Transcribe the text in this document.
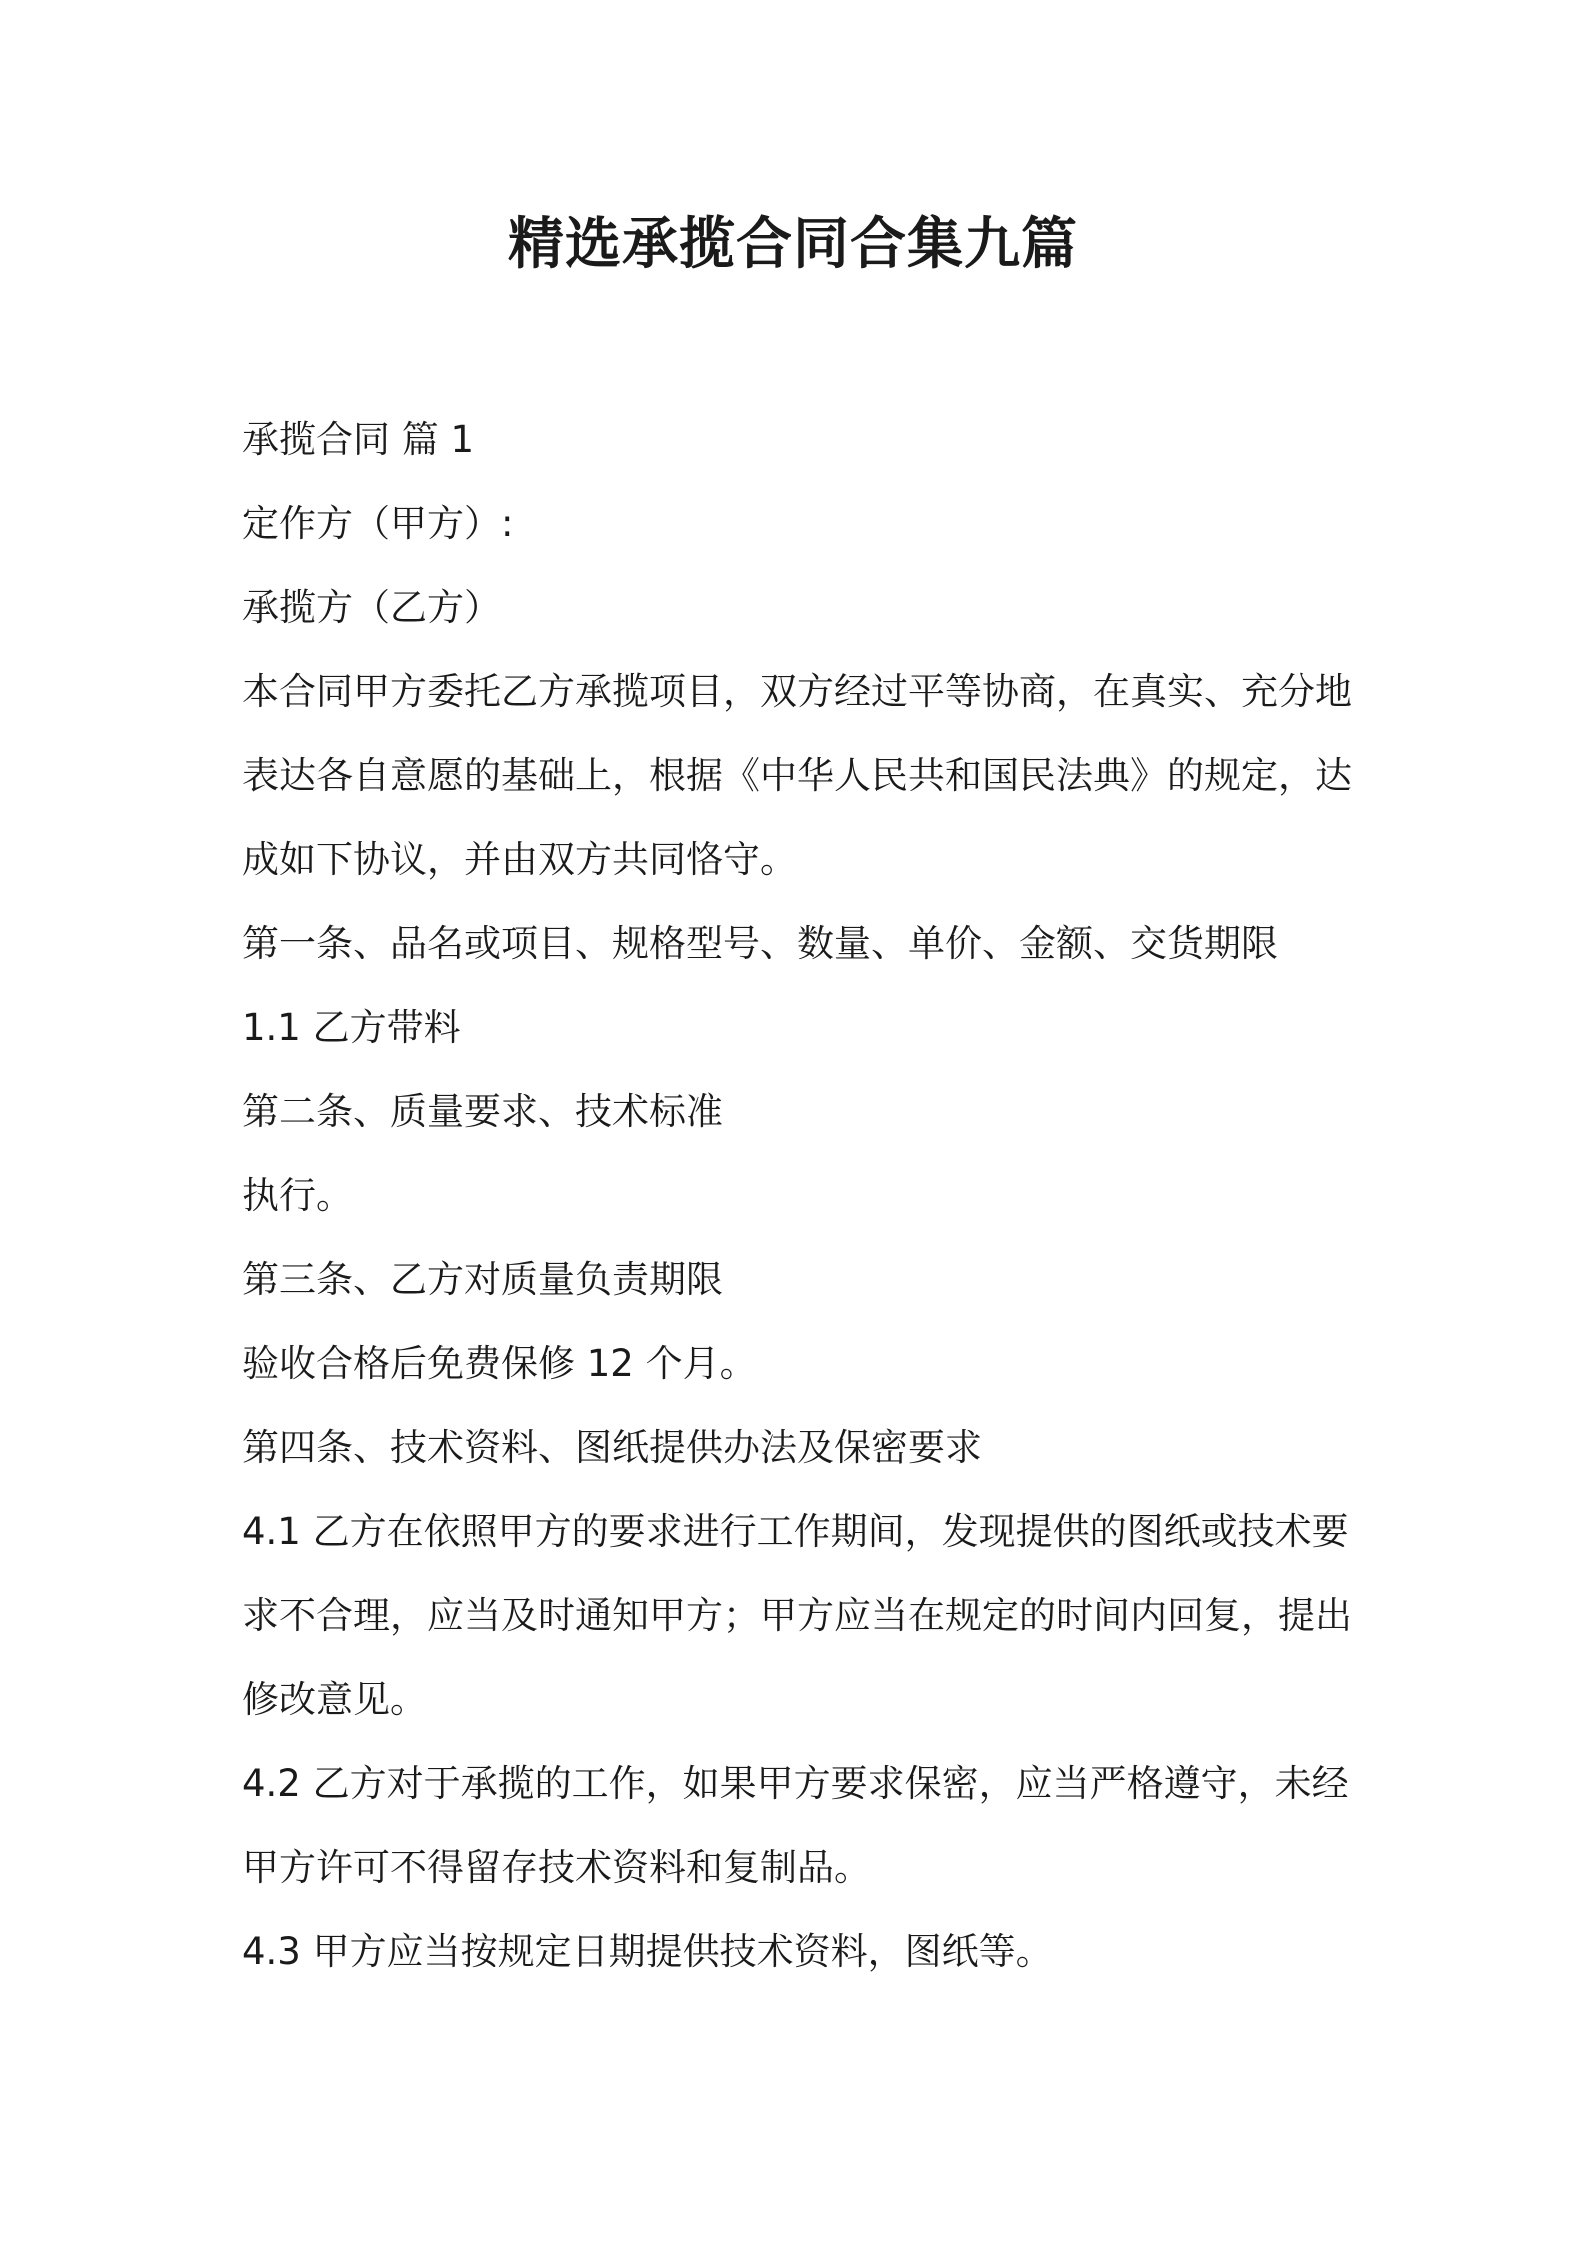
精选承揽合同合集九篇

承揽合同 篇 1

定作方（甲方）:

承揽方（乙方）

本合同甲方委托乙方承揽项目，双方经过平等协商，在真实、充分地

表达各自意愿的基础上，根据《中华人民共和国民法典》的规定，达

成如下协议，并由双方共同恪守。

第一条、品名或项目、规格型号、数量、单价、金额、交货期限

1.1 乙方带料

第二条、质量要求、技术标准

执行。

第三条、乙方对质量负责期限

验收合格后免费保修 12 个月。

第四条、技术资料、图纸提供办法及保密要求

4.1 乙方在依照甲方的要求进行工作期间，发现提供的图纸或技术要

求不合理，应当及时通知甲方；甲方应当在规定的时间内回复，提出

修改意见。

4.2 乙方对于承揽的工作，如果甲方要求保密，应当严格遵守，未经

甲方许可不得留存技术资料和复制品。

4.3 甲方应当按规定日期提供技术资料，图纸等。
